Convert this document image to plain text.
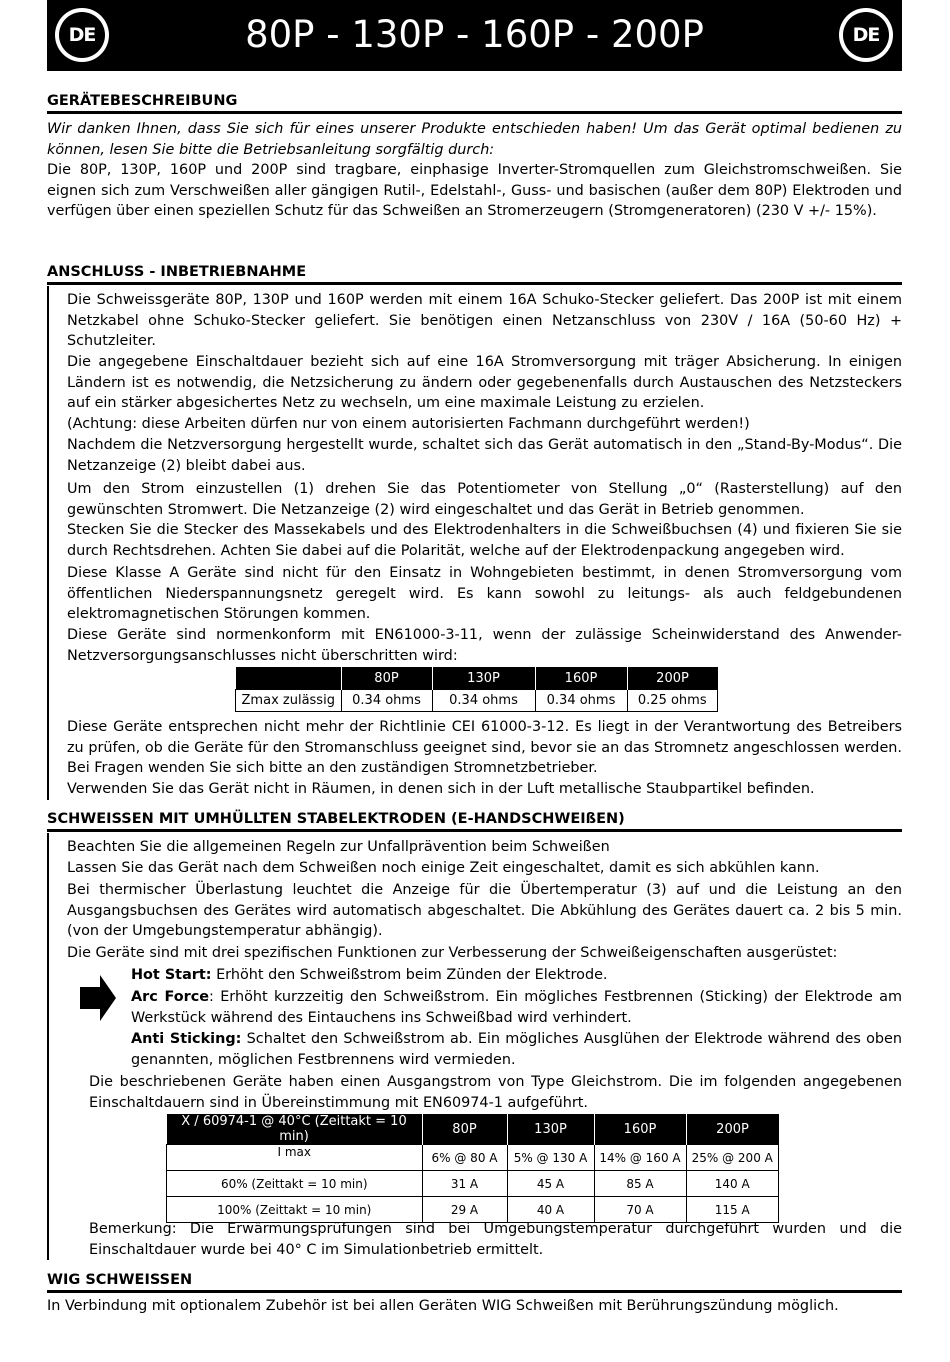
DE	80P - 130P - 160P - 200P	DE
GERÄTEBESCHREIBUNG
Wir danken Ihnen, dass Sie sich für eines unserer Produkte entschieden haben! Um das Gerät optimal bedienen zu können, lesen Sie bitte die Betriebsanleitung sorgfältig durch:
Die 80P, 130P, 160P und 200P sind tragbare, einphasige Inverter-Stromquellen zum Gleichstromschweißen. Sie eignen sich zum Verschweißen aller gängigen Rutil-, Edelstahl-, Guss- und basischen (außer dem 80P) Elektroden und verfügen über einen speziellen Schutz für das Schweißen an Stromerzeugern (Stromgeneratoren) (230 V +/- 15%).
ANSCHLUSS - INBETRIEBNAHME
Die Schweissgeräte 80P, 130P und 160P werden mit einem 16A Schuko-Stecker geliefert. Das 200P ist mit einem Netzkabel ohne Schuko-Stecker geliefert. Sie benötigen einen Netzanschluss von 230V / 16A (50-60 Hz) + Schutzleiter.
Die angegebene Einschaltdauer bezieht sich auf eine 16A Stromversorgung mit träger Absicherung. In einigen Ländern ist es notwendig, die Netzsicherung zu ändern oder gegebenenfalls durch Austauschen des Netzsteckers auf ein stärker abgesichertes Netz zu wechseln, um eine maximale Leistung zu erzielen.
(Achtung: diese Arbeiten dürfen nur von einem autorisierten Fachmann durchgeführt werden!)
Nachdem die Netzversorgung hergestellt wurde, schaltet sich das Gerät automatisch in den „Stand-By-Modus“. Die Netzanzeige (2) bleibt dabei aus.
Um den Strom einzustellen (1) drehen Sie das Potentiometer von Stellung „0“ (Rasterstellung) auf den gewünschten Stromwert. Die Netzanzeige (2) wird eingeschaltet und das Gerät in Betrieb genommen.
Stecken Sie die Stecker des Massekabels und des Elektrodenhalters in die Schweißbuchsen (4) und fixieren Sie sie durch Rechtsdrehen. Achten Sie dabei auf die Polarität, welche auf der Elektrodenpackung angegeben wird.
Diese Klasse A Geräte sind nicht für den Einsatz in Wohngebieten bestimmt, in denen Stromversorgung vom öffentlichen Niederspannungsnetz geregelt wird. Es kann sowohl zu leitungs- als auch feldgebundenen elektromagnetischen Störungen kommen.
Diese Geräte sind normenkonform mit EN61000-3-11, wenn der zulässige Scheinwiderstand des Anwender-Netzversorgungsanschlusses nicht überschritten wird:
	80P	130P	160P	200P
Zmax zulässig	0.34 ohms	0.34 ohms	0.34 ohms	0.25 ohms
Diese Geräte entsprechen nicht mehr der Richtlinie CEI 61000-3-12. Es liegt in der Verantwortung des Betreibers zu prüfen, ob die Geräte für den Stromanschluss geeignet sind, bevor sie an das Stromnetz angeschlossen werden. Bei Fragen wenden Sie sich bitte an den zuständigen Stromnetzbetrieber.
Verwenden Sie das Gerät nicht in Räumen, in denen sich in der Luft metallische Staubpartikel befinden.
SCHWEISSEN MIT UMHÜLLTEN STABELEKTRODEN (E-HANDSCHWEIßEN)
Beachten Sie die allgemeinen Regeln zur Unfallprävention beim Schweißen
Lassen Sie das Gerät nach dem Schweißen noch einige Zeit eingeschaltet, damit es sich abkühlen kann.
Bei thermischer Überlastung leuchtet die Anzeige für die Übertemperatur (3) auf und die Leistung an den Ausgangsbuchsen des Gerätes wird automatisch abgeschaltet. Die Abkühlung des Gerätes dauert ca. 2 bis 5 min. (von der Umgebungstemperatur abhängig).
Die Geräte sind mit drei spezifischen Funktionen zur Verbesserung der Schweißeigenschaften ausgerüstet:
Hot Start: Erhöht den Schweißstrom beim Zünden der Elektrode.
Arc Force: Erhöht kurzzeitig den Schweißstrom. Ein mögliches Festbrennen (Sticking) der Elektrode am Werkstück während des Eintauchens ins Schweißbad wird verhindert.
Anti Sticking: Schaltet den Schweißstrom ab. Ein mögliches Ausglühen der Elektrode während des oben genannten, möglichen Festbrennens wird vermieden.
Die beschriebenen Geräte haben einen Ausgangstrom von Type Gleichstrom. Die im folgenden angegebenen Einschaltdauern sind in Übereinstimmung mit EN60974-1 aufgeführt.
X / 60974-1 @ 40°C (Zeittakt = 10 min)	80P	130P	160P	200P
I max	6% @ 80 A	5% @ 130 A	14% @ 160 A	25% @ 200 A
60% (Zeittakt = 10 min)	31 A	45 A	85 A	140 A
100% (Zeittakt = 10 min)	29 A	40 A	70 A	115 A
Bemerkung: Die Erwärmungsprüfungen sind bei Umgebungstemperatur durchgeführt wurden und die Einschaltdauer wurde bei 40° C im Simulationbetrieb ermittelt.
WIG SCHWEISSEN
In Verbindung mit optionalem Zubehör ist bei allen Geräten WIG Schweißen mit Berührungszündung möglich.
